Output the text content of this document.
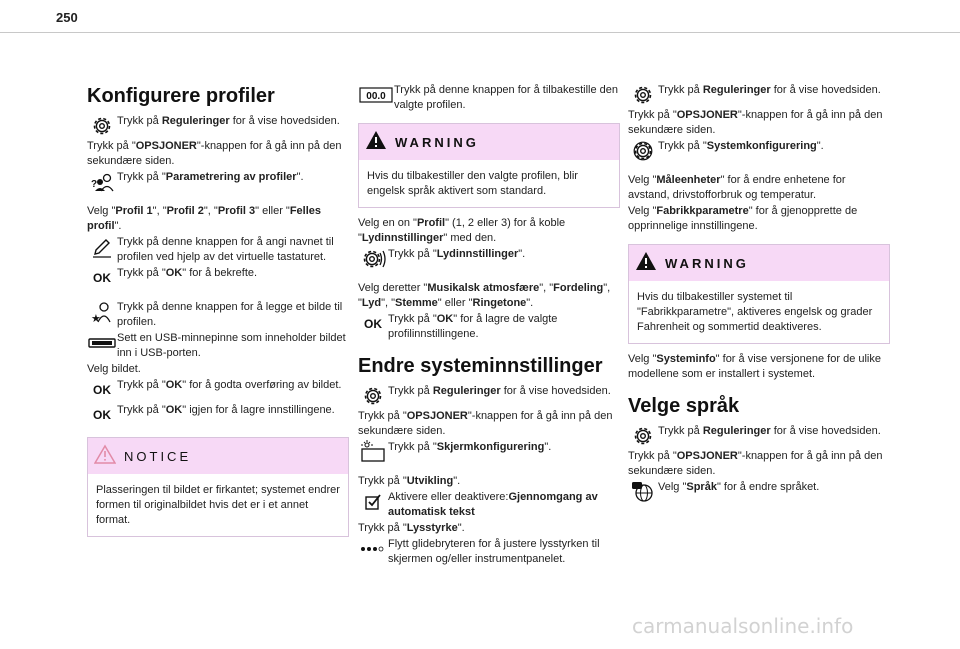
250
Konfigurere profiler
Trykk på Reguleringer for å vise hovedsiden.
Trykk på "OPSJONER"-knappen for å gå inn på den sekundære siden.
?
Trykk på "Parametrering av profiler".
Velg "Profil 1", "Profil 2", "Profil 3" eller "Felles profil".
Trykk på denne knappen for å angi navnet til profilen ved hjelp av det virtuelle tastaturet.
OK Trykk på "OK" for å bekrefte.
★
Trykk på denne knappen for å legge et bilde til profilen.
Sett en USB-minnepinne som inneholder bildet inn i USB-porten.
Velg bildet.
OK Trykk på "OK" for å godta overføring av bildet.
OK Trykk på "OK" igjen for å lagre innstillingene.
NOTICE
Plasseringen til bildet er firkantet; systemet endrer formen til originalbildet hvis det er i et annet format.
00.0
Trykk på denne knappen for å tilbakestille den valgte profilen.
WARNING
Hvis du tilbakestiller den valgte profilen, blir engelsk språk aktivert som standard.
Velg en on "Profil" (1, 2 eller 3) for å koble "Lydinnstillinger" med den.
Trykk på "Lydinnstillinger".
Velg deretter "Musikalsk atmosfære", "Fordeling", "Lyd", "Stemme" eller "Ringetone".
OK Trykk på "OK" for å lagre de valgte profilinnstillingene.
Endre systeminnstillinger
Trykk på Reguleringer for å vise hovedsiden.
Trykk på "OPSJONER"-knappen for å gå inn på den sekundære siden.
Trykk på "Skjermkonfigurering".
Trykk på "Utvikling".
Aktivere eller deaktivere:Gjennomgang av automatisk tekst
Trykk på "Lysstyrke".
Flytt glidebryteren for å justere lysstyrken til skjermen og/eller instrumentpanelet.
Trykk på Reguleringer for å vise hovedsiden.
Trykk på "OPSJONER"-knappen for å gå inn på den sekundære siden.
Trykk på "Systemkonfigurering".
Velg "Måleenheter" for å endre enhetene for avstand, drivstofforbruk og temperatur.
Velg "Fabrikkparametre" for å gjenopprette de opprinnelige innstillingene.
WARNING
Hvis du tilbakestiller systemet til "Fabrikkparametre", aktiveres engelsk og grader Fahrenheit og sommertid deaktiveres.
Velg "Systeminfo" for å vise versjonene for de ulike modellene som er installert i systemet.
Velge språk
Trykk på Reguleringer for å vise hovedsiden.
Trykk på "OPSJONER"-knappen for å gå inn på den sekundære siden.
Velg "Språk" for å endre språket.
carmanualsonline.info
